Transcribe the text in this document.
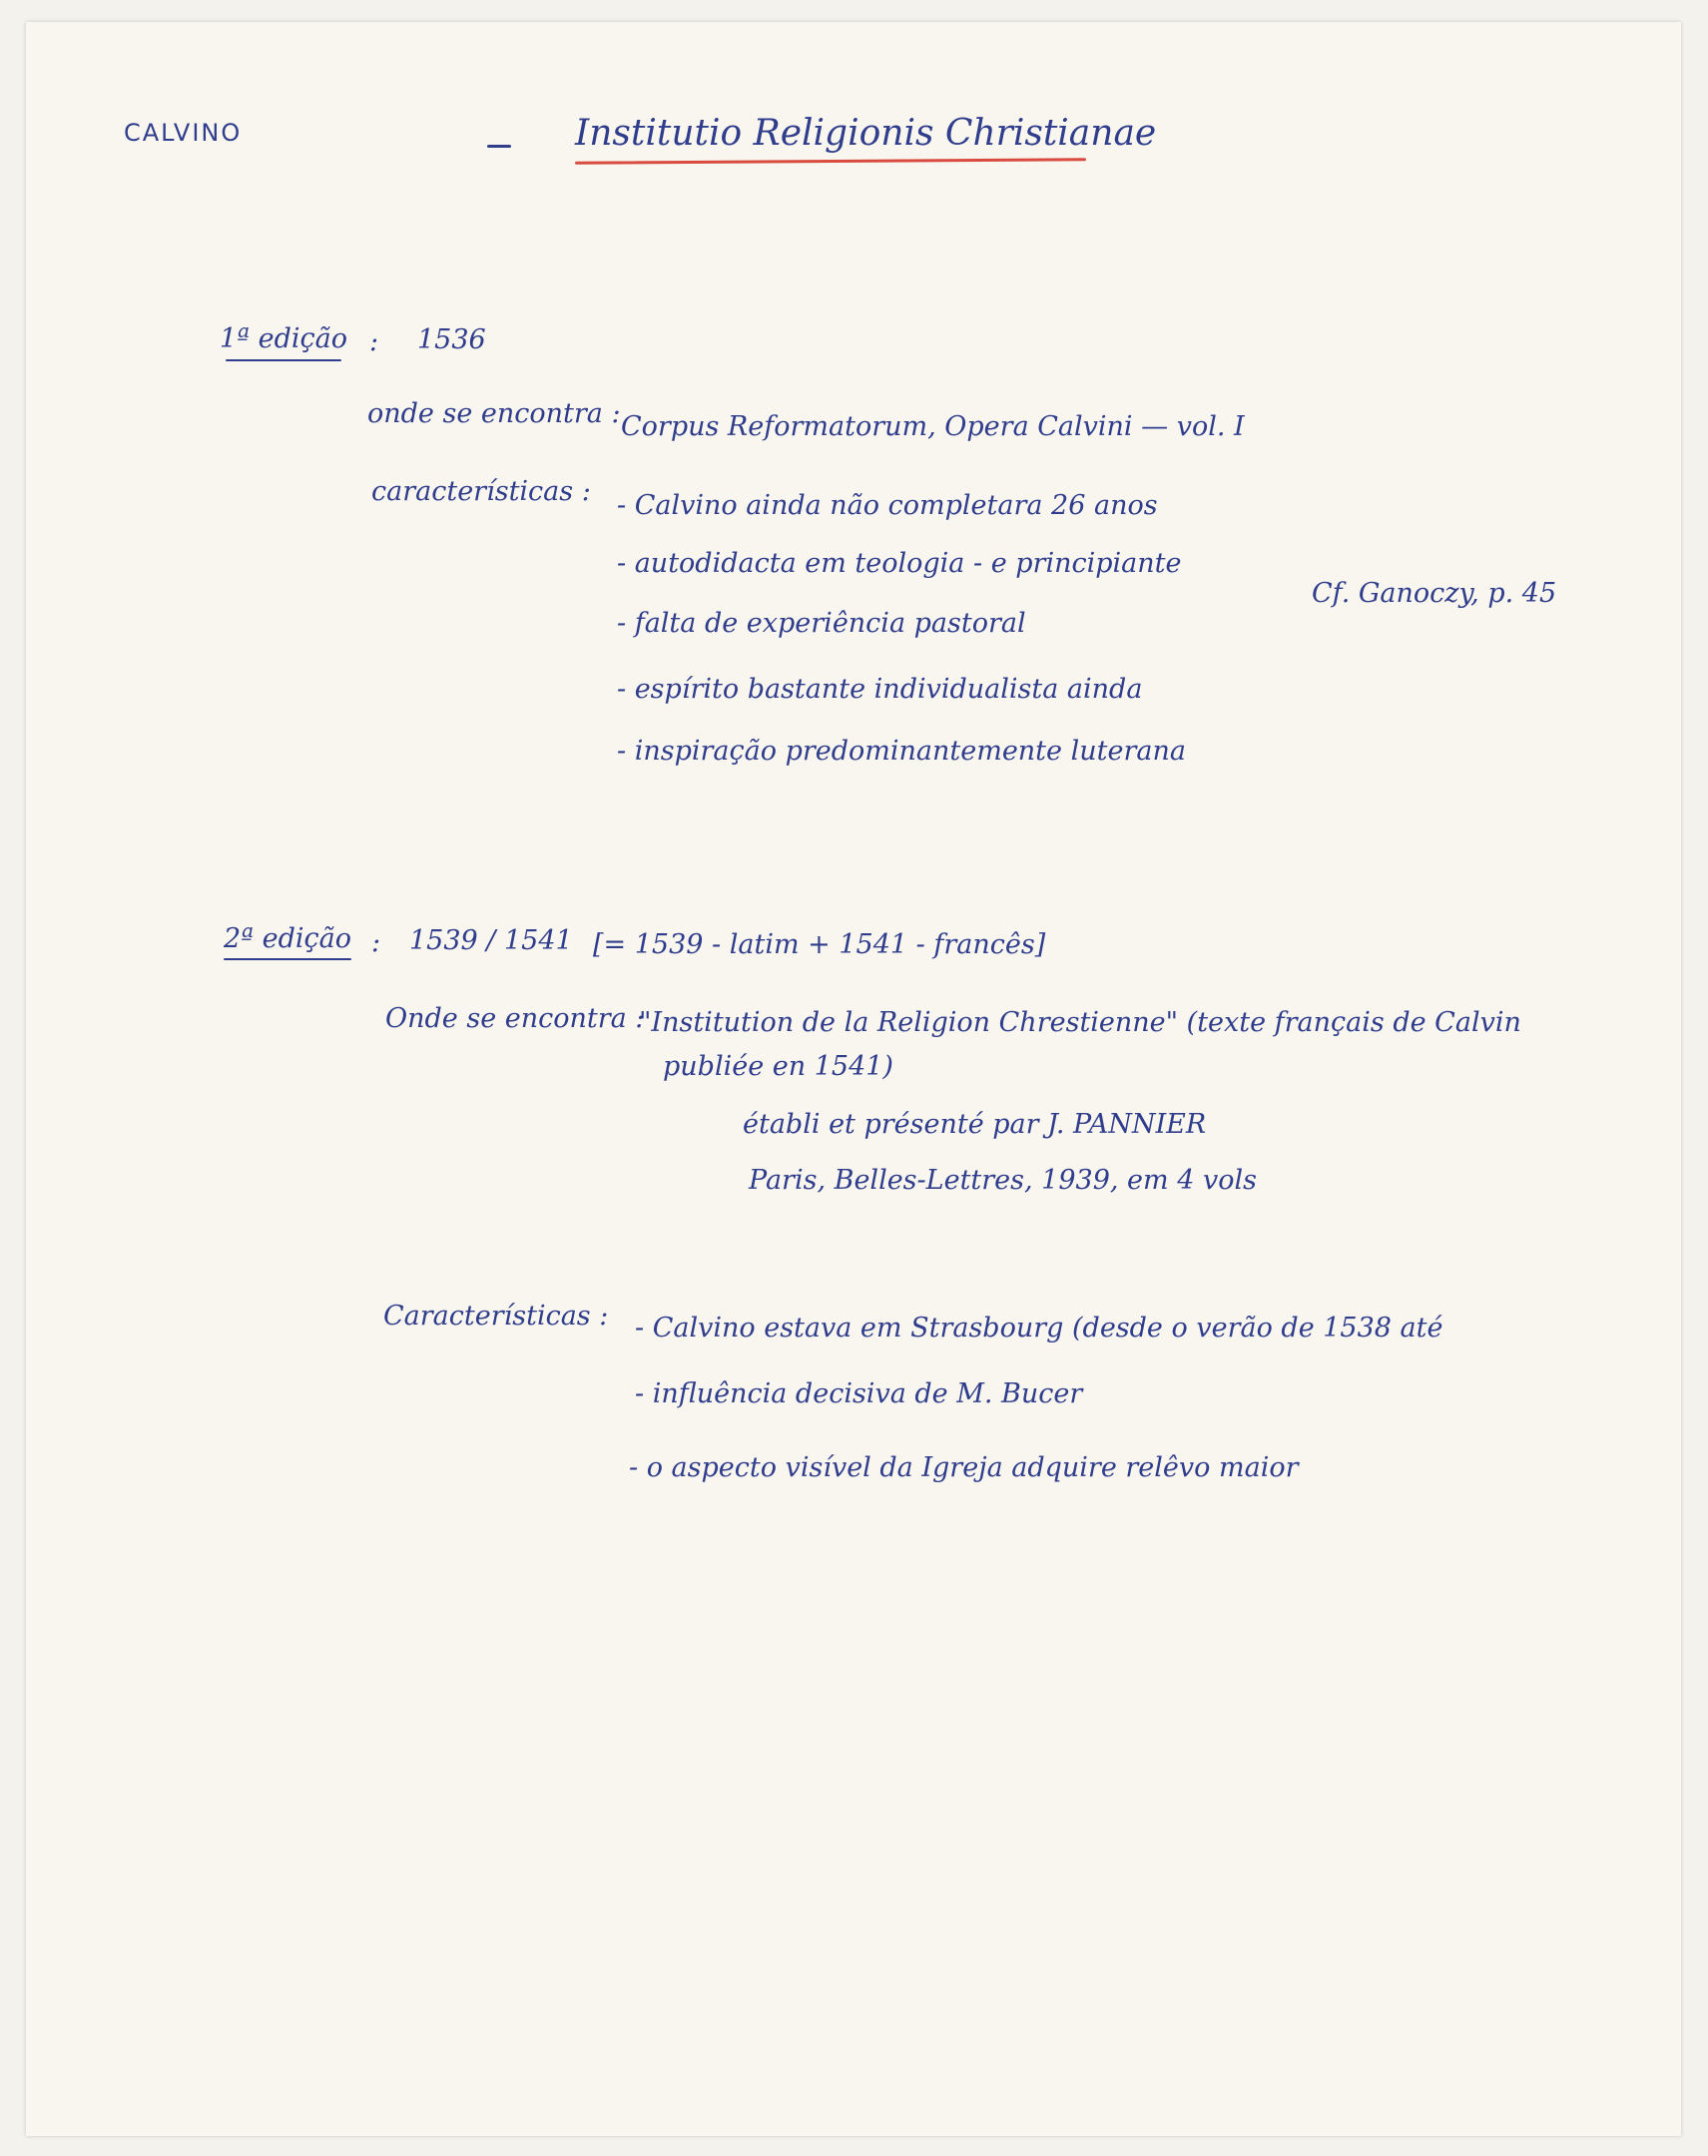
CALVINO	Institutio Religionis Christianae
1ª edição : 1536
onde se encontra : Corpus Reformatorum, Opera Calvini — vol. I
características : - Calvino ainda não completara 26 anos
- autodidacta em teologia - e principiante
- falta de experiência pastoral
- espírito bastante individualista ainda
- inspiração predominantemente luterana
Cf. Ganoczy, p. 45
2ª edição : 1539 / 1541 [= 1539 - latim + 1541 - francês]
Onde se encontra :
"Institution de la Religion Chrestienne" (texte français de Calvin
publiée en 1541)
établi et présenté par J. PANNIER
Paris, Belles-Lettres, 1939, em 4 vols
Características : - Calvino estava em Strasbourg (desde o verão de 1538 até
- influência decisiva de M. Bucer
- o aspecto visível da Igreja adquire relêvo maior
